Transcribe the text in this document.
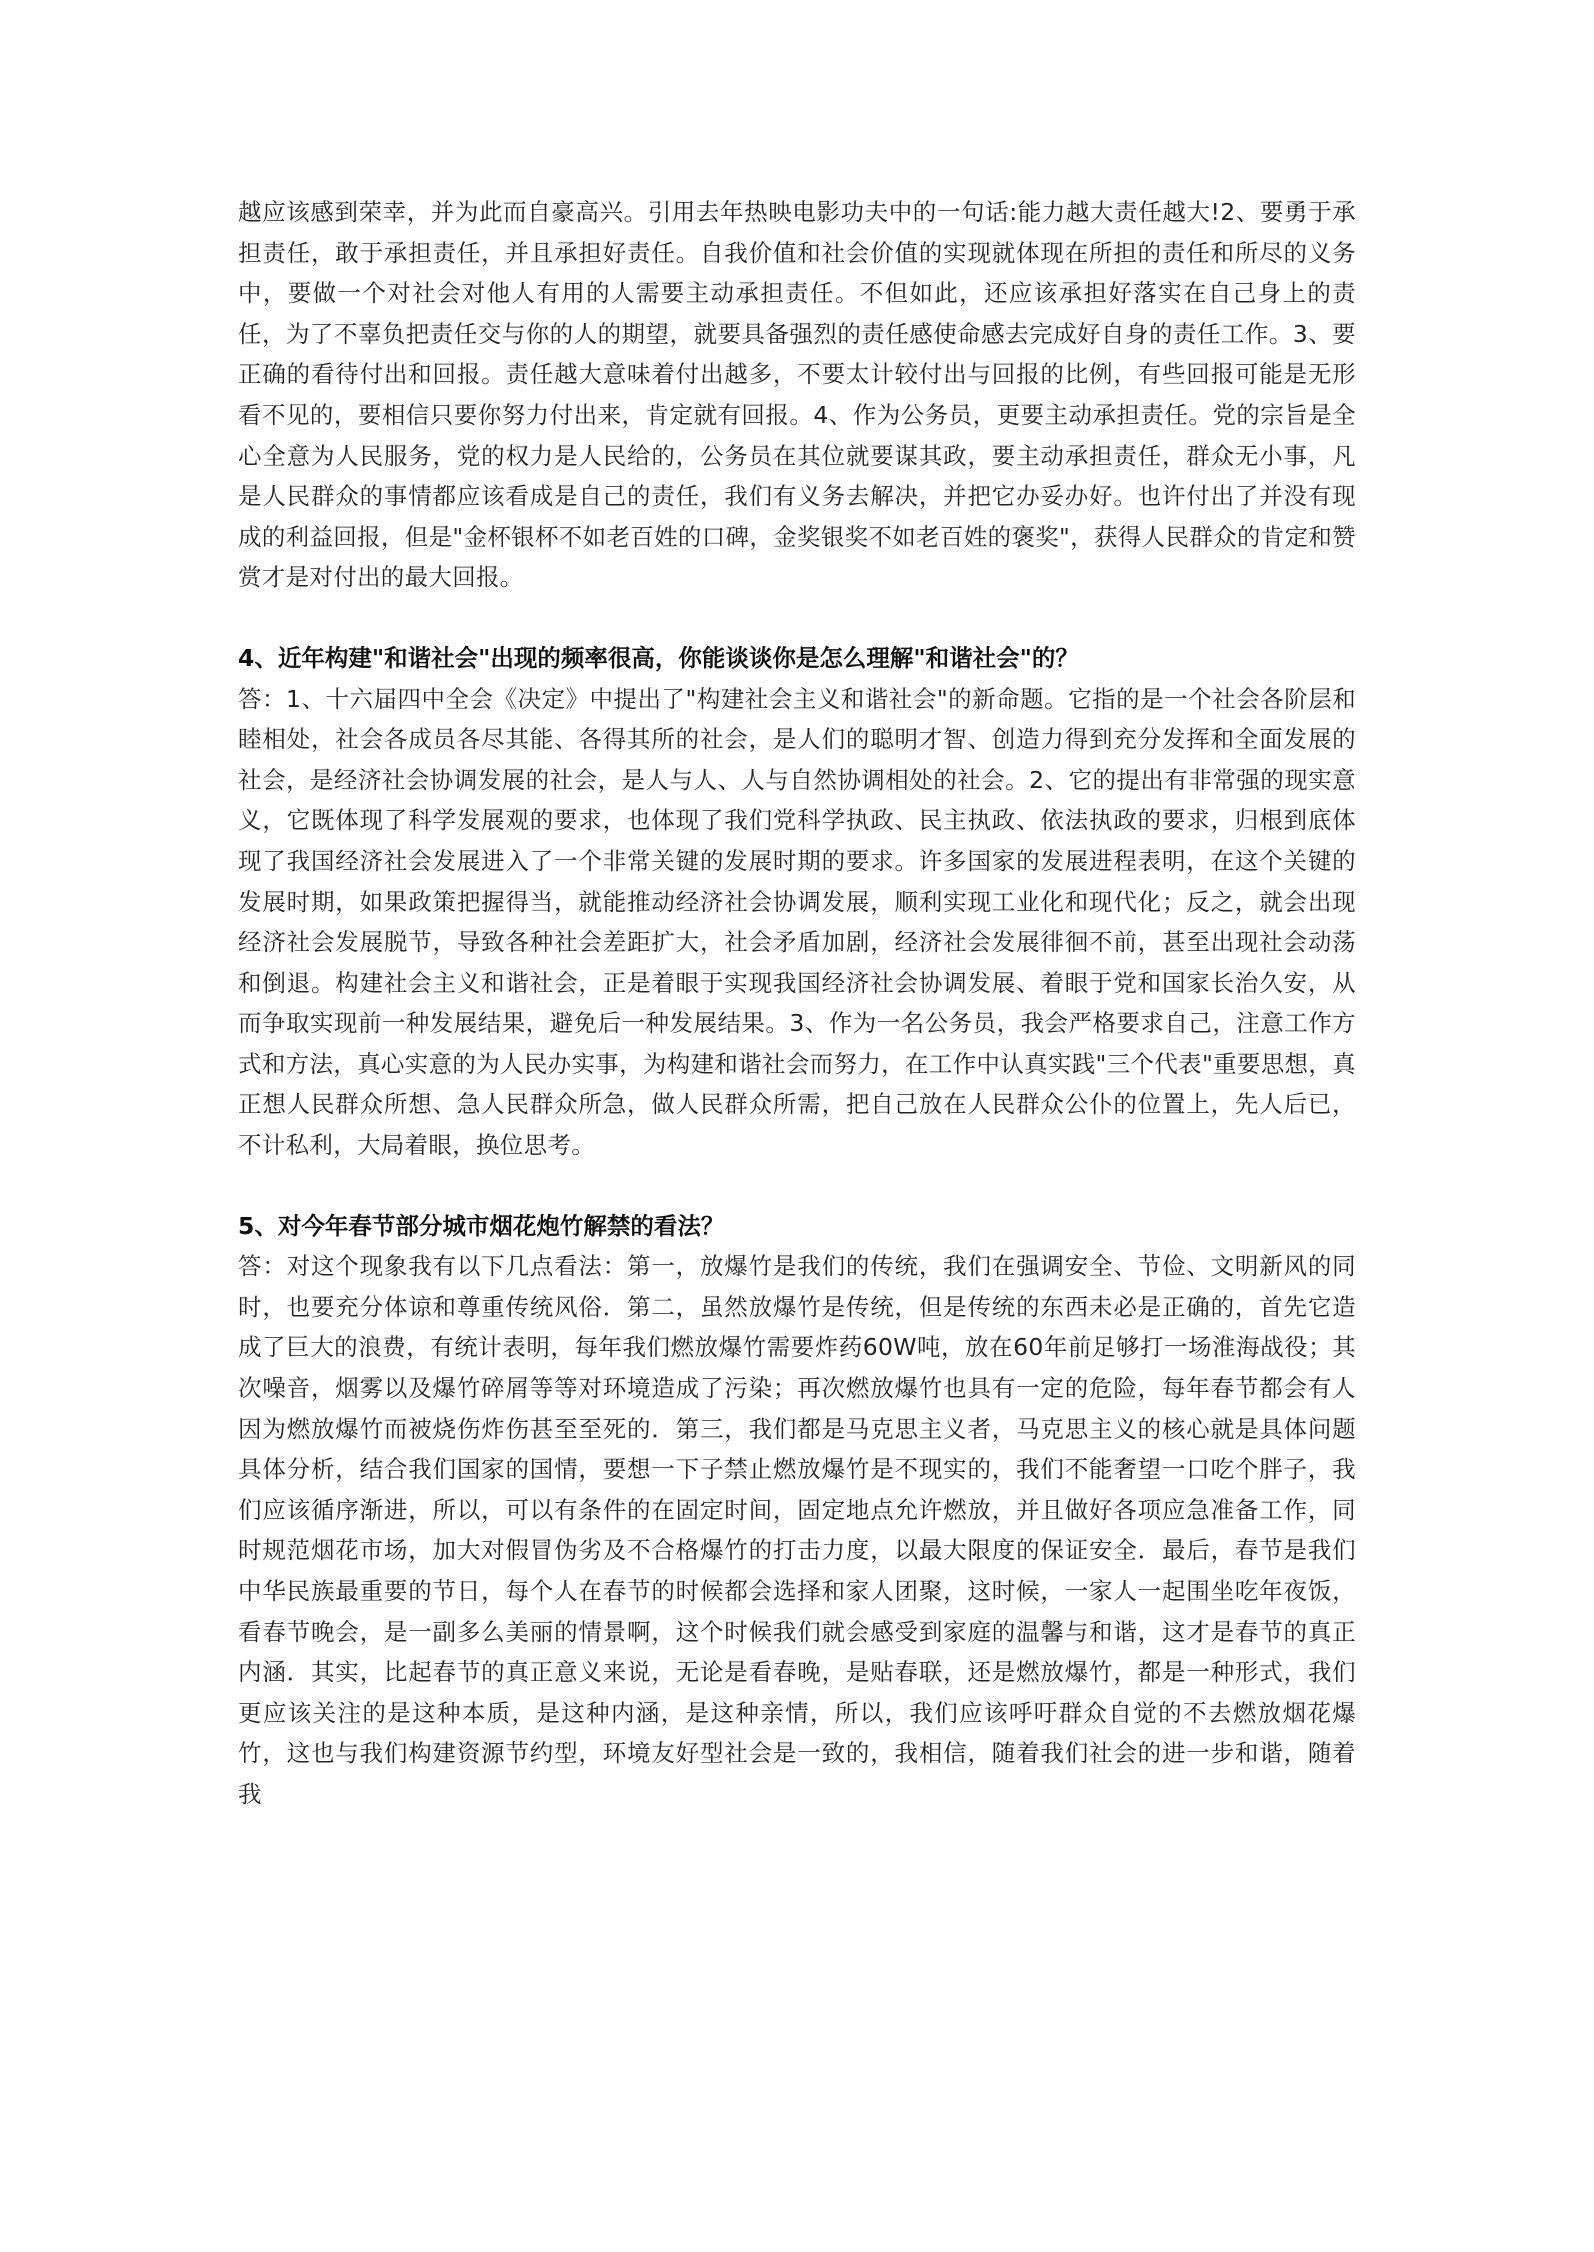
越应该感到荣幸，并为此而自豪高兴。引用去年热映电影功夫中的一句话:能力越大责任越大!2、要勇于承担责任，敢于承担责任，并且承担好责任。自我价值和社会价值的实现就体现在所担的责任和所尽的义务中，要做一个对社会对他人有用的人需要主动承担责任。不但如此，还应该承担好落实在自己身上的责任，为了不辜负把责任交与你的人的期望，就要具备强烈的责任感使命感去完成好自身的责任工作。3、要正确的看待付出和回报。责任越大意味着付出越多，不要太计较付出与回报的比例，有些回报可能是无形看不见的，要相信只要你努力付出来，肯定就有回报。4、作为公务员，更要主动承担责任。党的宗旨是全心全意为人民服务，党的权力是人民给的，公务员在其位就要谋其政，要主动承担责任，群众无小事，凡是人民群众的事情都应该看成是自己的责任，我们有义务去解决，并把它办妥办好。也许付出了并没有现成的利益回报，但是"金杯银杯不如老百姓的口碑，金奖银奖不如老百姓的褒奖"，获得人民群众的肯定和赞赏才是对付出的最大回报。

4、近年构建"和谐社会"出现的频率很高，你能谈谈你是怎么理解"和谐社会"的？

答：1、十六届四中全会《决定》中提出了"构建社会主义和谐社会"的新命题。它指的是一个社会各阶层和睦相处，社会各成员各尽其能、各得其所的社会，是人们的聪明才智、创造力得到充分发挥和全面发展的社会，是经济社会协调发展的社会，是人与人、人与自然协调相处的社会。2、它的提出有非常强的现实意义，它既体现了科学发展观的要求，也体现了我们党科学执政、民主执政、依法执政的要求，归根到底体现了我国经济社会发展进入了一个非常关键的发展时期的要求。许多国家的发展进程表明，在这个关键的发展时期，如果政策把握得当，就能推动经济社会协调发展，顺利实现工业化和现代化；反之，就会出现经济社会发展脱节，导致各种社会差距扩大，社会矛盾加剧，经济社会发展徘徊不前，甚至出现社会动荡和倒退。构建社会主义和谐社会，正是着眼于实现我国经济社会协调发展、着眼于党和国家长治久安，从而争取实现前一种发展结果，避免后一种发展结果。3、作为一名公务员，我会严格要求自己，注意工作方式和方法，真心实意的为人民办实事，为构建和谐社会而努力，在工作中认真实践"三个代表"重要思想，真正想人民群众所想、急人民群众所急，做人民群众所需，把自己放在人民群众公仆的位置上，先人后已，不计私利，大局着眼，换位思考。

5、对今年春节部分城市烟花炮竹解禁的看法？

答：对这个现象我有以下几点看法：第一，放爆竹是我们的传统，我们在强调安全、节俭、文明新风的同时，也要充分体谅和尊重传统风俗．第二，虽然放爆竹是传统，但是传统的东西未必是正确的，首先它造成了巨大的浪费，有统计表明，每年我们燃放爆竹需要炸药60W吨，放在60年前足够打一场淮海战役；其次噪音，烟雾以及爆竹碎屑等等对环境造成了污染；再次燃放爆竹也具有一定的危险，每年春节都会有人因为燃放爆竹而被烧伤炸伤甚至至死的．第三，我们都是马克思主义者，马克思主义的核心就是具体问题具体分析，结合我们国家的国情，要想一下子禁止燃放爆竹是不现实的，我们不能奢望一口吃个胖子，我们应该循序渐进，所以，可以有条件的在固定时间，固定地点允许燃放，并且做好各项应急准备工作，同时规范烟花市场，加大对假冒伪劣及不合格爆竹的打击力度，以最大限度的保证安全．最后，春节是我们中华民族最重要的节日，每个人在春节的时候都会选择和家人团聚，这时候，一家人一起围坐吃年夜饭，看春节晚会，是一副多么美丽的情景啊，这个时候我们就会感受到家庭的温馨与和谐，这才是春节的真正内涵．其实，比起春节的真正意义来说，无论是看春晚，是贴春联，还是燃放爆竹，都是一种形式，我们更应该关注的是这种本质，是这种内涵，是这种亲情，所以，我们应该呼吁群众自觉的不去燃放烟花爆竹，这也与我们构建资源节约型，环境友好型社会是一致的，我相信，随着我们社会的进一步和谐，随着我
